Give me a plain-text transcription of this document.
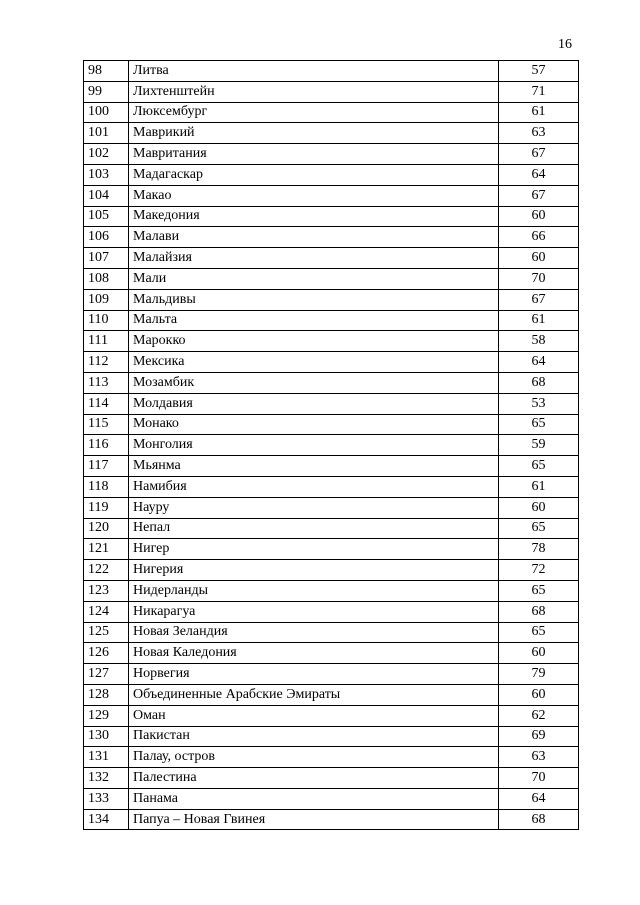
16
98	Литва	57
99	Лихтенштейн	71
100	Люксембург	61
101	Маврикий	63
102	Мавритания	67
103	Мадагаскар	64
104	Макао	67
105	Македония	60
106	Малави	66
107	Малайзия	60
108	Мали	70
109	Мальдивы	67
110	Мальта	61
111	Марокко	58
112	Мексика	64
113	Мозамбик	68
114	Молдавия	53
115	Монако	65
116	Монголия	59
117	Мьянма	65
118	Намибия	61
119	Науру	60
120	Непал	65
121	Нигер	78
122	Нигерия	72
123	Нидерланды	65
124	Никарагуа	68
125	Новая Зеландия	65
126	Новая Каледония	60
127	Норвегия	79
128	Объединенные Арабские Эмираты	60
129	Оман	62
130	Пакистан	69
131	Палау, остров	63
132	Палестина	70
133	Панама	64
134	Папуа – Новая Гвинея	68
